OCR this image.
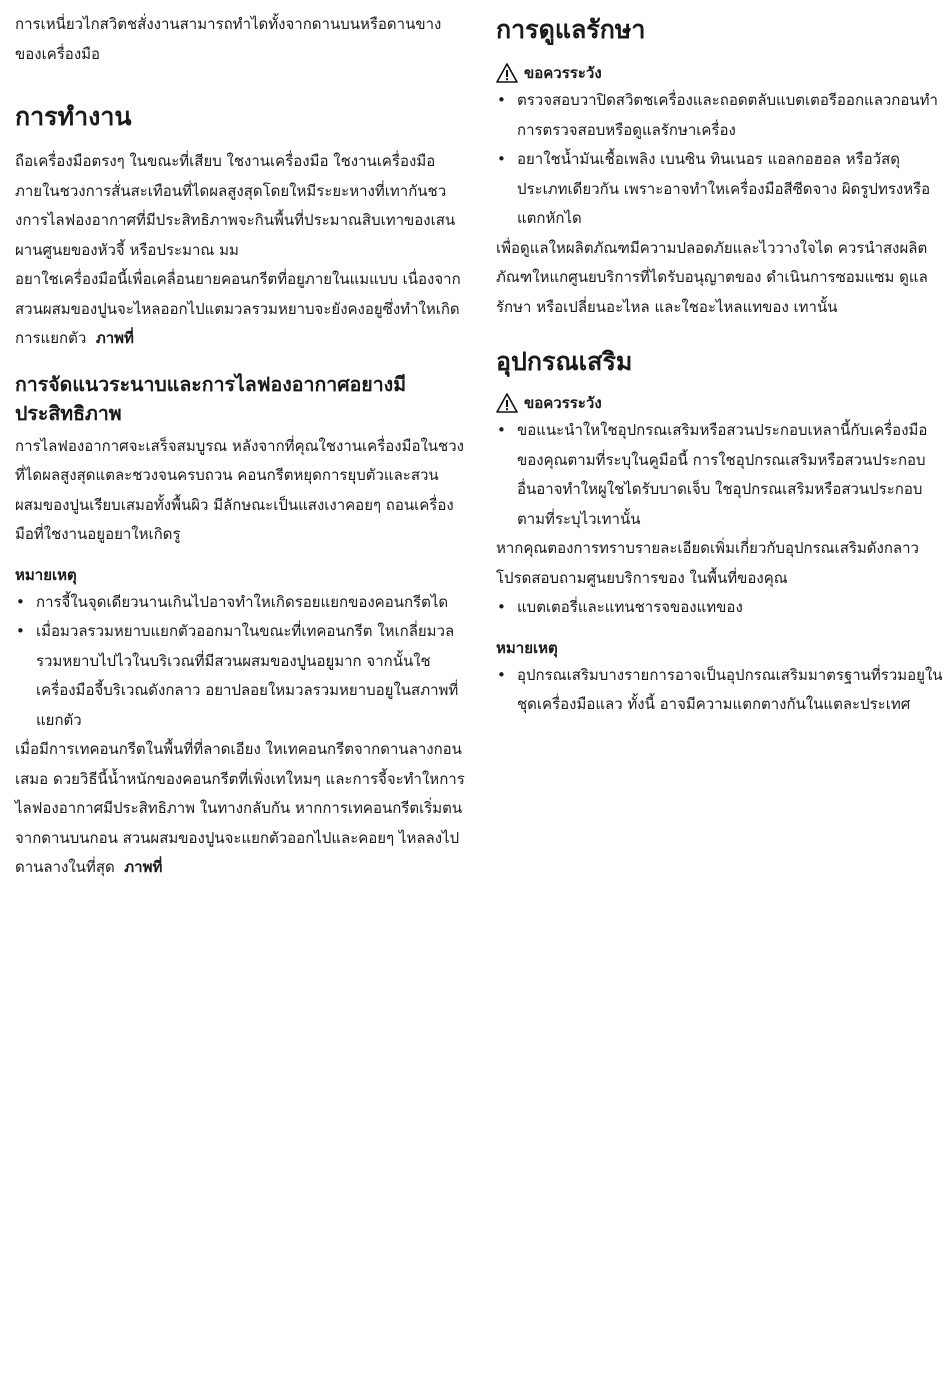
การเหนี่ยวไกสวิตชสั่งงานสามารถทำไดทั้งจากดานบนหรือดานขางของเครื่องมือ

การทำงาน

ถือเครื่องมือตรงๆ ในขณะที่เสียบ ใชงานเครื่องมือ ใชงานเครื่องมือภายในชวงการสั่นสะเทือนที่ไดผลสูงสุดโดยใหมีระยะหางที่เทากันชวงการไลฟองอากาศที่มีประสิทธิภาพจะกินพื้นที่ประมาณสิบเทาของเสนผานศูนยของหัวจี้ หรือประมาณ มม

อยาใชเครื่องมือนี้เพื่อเคลื่อนยายคอนกรีตที่อยูภายในแมแบบ เนื่องจากสวนผสมของปูนจะไหลออกไปแตมวลรวมหยาบจะยังคงอยูซึ่งทำใหเกิดการแยกตัว ภาพที่

การจัดแนวระนาบและการไลฟองอากาศอยางมีประสิทธิภาพ

การไลฟองอากาศจะเสร็จสมบูรณ หลังจากที่คุณใชงานเครื่องมือในชวงที่ไดผลสูงสุดแตละชวงจนครบถวน คอนกรีตหยุดการยุบตัวและสวนผสมของปูนเรียบเสมอทั้งพื้นผิว มีลักษณะเป็นแสงเงาคอยๆ ถอนเครื่องมือที่ใชงานอยูอยาใหเกิดรู

หมายเหตุ
• การจี้ในจุดเดียวนานเกินไปอาจทำใหเกิดรอยแยกของคอนกรีตได
• เมื่อมวลรวมหยาบแยกตัวออกมาในขณะที่เทคอนกรีต ใหเกลี่ยมวลรวมหยาบไปไวในบริเวณที่มีสวนผสมของปูนอยูมาก จากนั้นใชเครื่องมือจี้บริเวณดังกลาว อยาปลอยใหมวลรวมหยาบอยูในสภาพที่แยกตัว

เมื่อมีการเทคอนกรีตในพื้นที่ที่ลาดเอียง ใหเทคอนกรีตจากดานลางกอนเสมอ ดวยวิธีนี้น้ำหนักของคอนกรีตที่เพิ่งเทใหมๆ และการจี้จะทำใหการไลฟองอากาศมีประสิทธิภาพ ในทางกลับกัน หากการเทคอนกรีตเริ่มตนจากดานบนกอน สวนผสมของปูนจะแยกตัวออกไปและคอยๆ ไหลลงไปดานลางในที่สุด ภาพที่

การดูแลรักษา
ขอควรระวัง
• ตรวจสอบวาปิดสวิตชเครื่องและถอดตลับแบตเตอรีออกแลวกอนทำการตรวจสอบหรือดูแลรักษาเครื่อง
• อยาใชน้ำมันเชื้อเพลิง เบนซิน ทินเนอร แอลกอฮอล หรือวัสดุประเภทเดียวกัน เพราะอาจทำใหเครื่องมือสีซีดจาง ผิดรูปทรงหรือแตกหักได

เพื่อดูแลใหผลิตภัณฑมีความปลอดภัยและไววางใจได ควรนำสงผลิตภัณฑใหแกศูนยบริการที่ไดรับอนุญาตของ ดำเนินการซอมแซม ดูแลรักษา หรือเปลี่ยนอะไหล และใชอะไหลแทของ เทานั้น

อุปกรณเสริม
ขอควรระวัง
• ขอแนะนำใหใชอุปกรณเสริมหรือสวนประกอบเหลานี้กับเครื่องมือ ของคุณตามที่ระบุในคูมือนี้ การใชอุปกรณเสริมหรือสวนประกอบอื่นอาจทำใหผูใชไดรับบาดเจ็บ ใชอุปกรณเสริมหรือสวนประกอบตามที่ระบุไวเทานั้น

หากคุณตองการทราบรายละเอียดเพิ่มเกี่ยวกับอุปกรณเสริมดังกลาว โปรดสอบถามศูนยบริการของ ในพื้นที่ของคุณ

• แบตเตอรี่และแทนชารจของแทของ
หมายเหตุ
• อุปกรณเสริมบางรายการอาจเป็นอุปกรณเสริมมาตรฐานที่รวมอยูในชุดเครื่องมือแลว ทั้งนี้ อาจมีความแตกตางกันในแตละประเทศ
